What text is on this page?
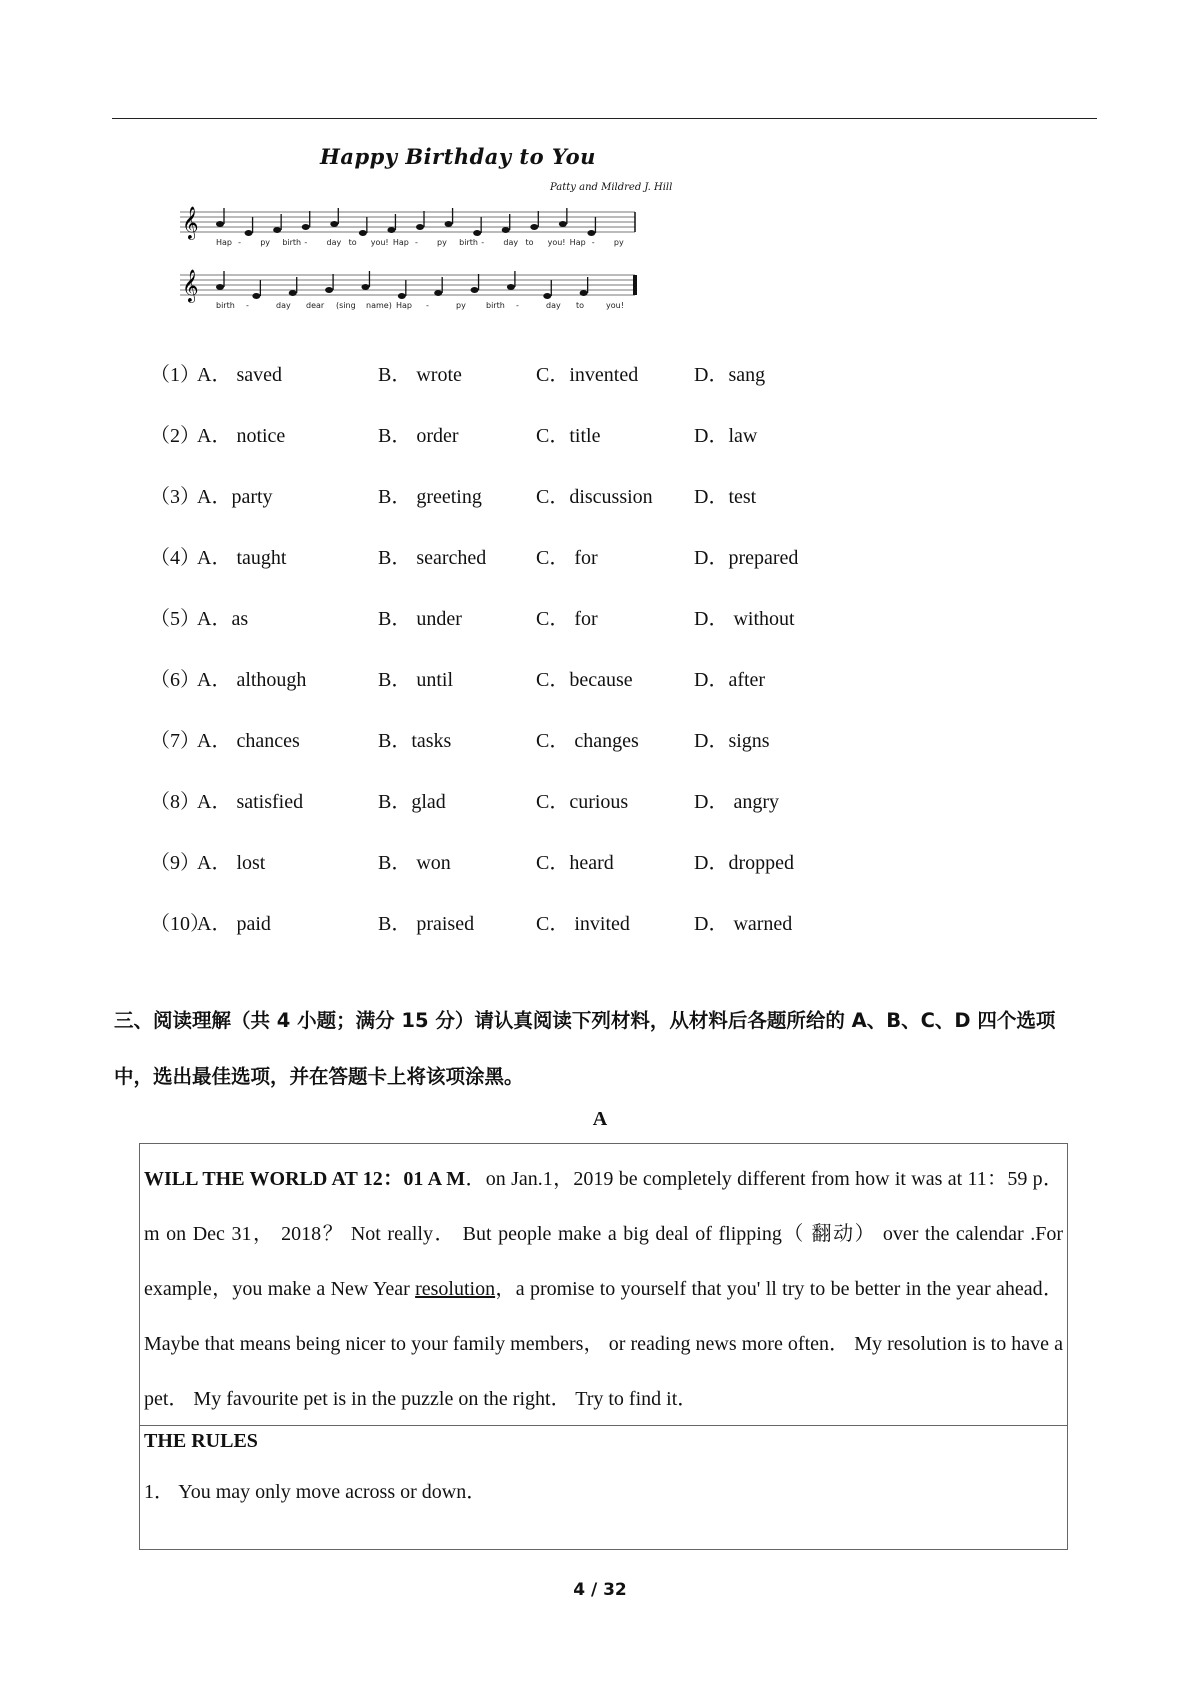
Happy Birthday to You
Patty and Mildred J. Hill
𝄞
𝄞
Hap - py birth - day to you! Hap - py birth - day to you! Hap - py
birth -	day dear (sing name) Hap -	py	birth -	day to	you!
（1）
A． saved	B． wrote	C．invented	D．sang
（2）
A． notice	B． order	C．title	D．law
（3）
A．party	B． greeting	C．discussion D．test
（4）
A． taught	B． searched C． for	D．prepared
（5）
A．as	B． under	C． for	D． without
（6）
A． although	B． until	C．because	D．after
（7）
A． chances	B．tasks	C． changes	D．signs
（8）
A． satisfied	B．glad	C．curious	D． angry
（9）
A． lost	B． won	C．heard	D．dropped
（10）
A． paid	B． praised	C． invited	D． warned
三、阅读理解（共 4 小题；满分 15 分）请认真阅读下列材料，从材料后各题所给的 A、B、C、D 四个选项中，选出最佳选项，并在答题卡上将该项涂黑。
A
WILL THE WORLD AT 12：01 A M．on Jan.1，2019 be completely different from how it was at 11：59 p．m on Dec 31， 2018？ Not really． But people make a big deal of flipping（ 翻动） over the calendar .For example，you make a New Year resolution，a promise to yourself that you' ll try to be better in the year ahead． Maybe that means being nicer to your family members， or reading news more often． My resolution is to have a pet． My favourite pet is in the puzzle on the right． Try to find it．
THE RULES
1． You may only move across or down．
4 / 32
